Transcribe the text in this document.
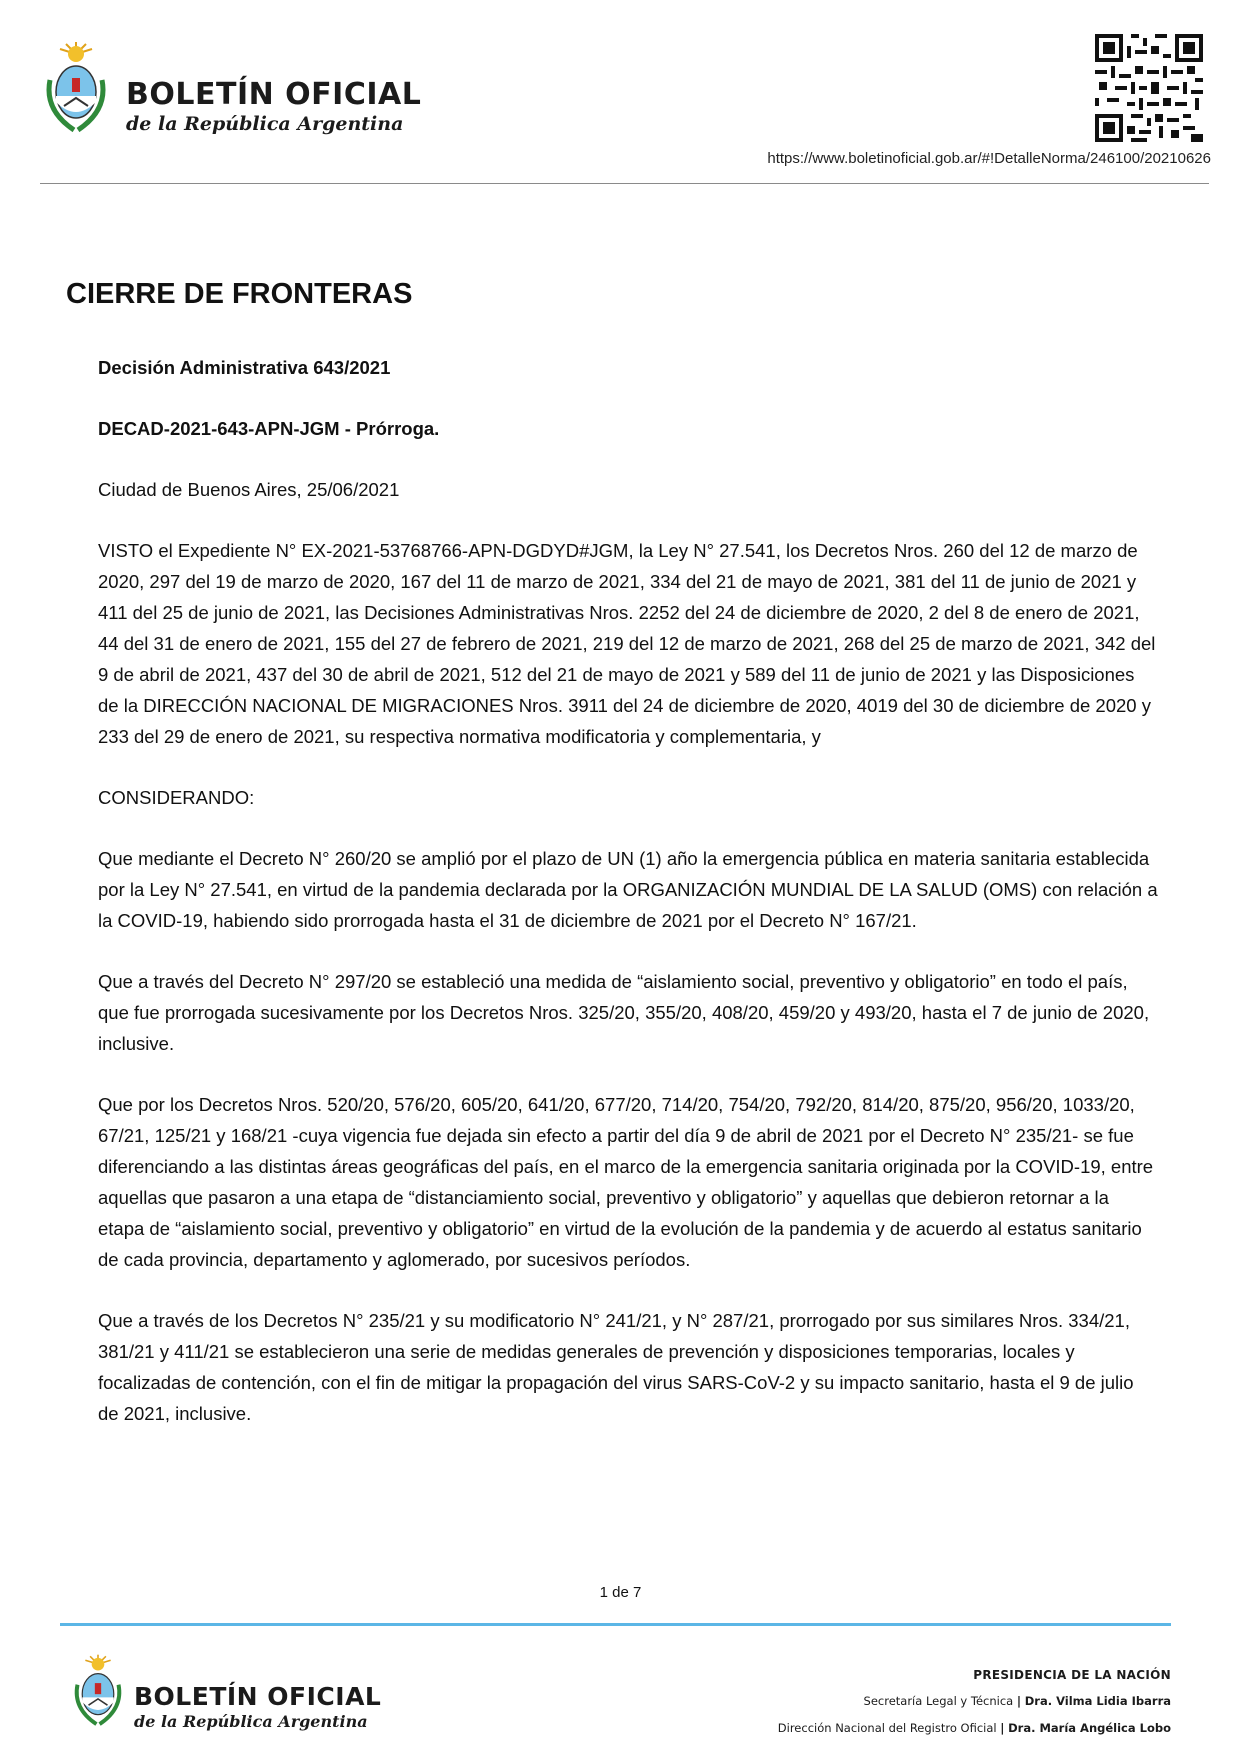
BOLETÍN OFICIAL
de la República Argentina
https://www.boletinoficial.gob.ar/#!DetalleNorma/246100/20210626
CIERRE DE FRONTERAS

Decisión Administrativa 643/2021

DECAD-2021-643-APN-JGM - Prórroga.

Ciudad de Buenos Aires, 25/06/2021

VISTO el Expediente N° EX-2021-53768766-APN-DGDYD#JGM, la Ley N° 27.541, los Decretos Nros. 260 del 12 de marzo de 2020, 297 del 19 de marzo de 2020, 167 del 11 de marzo de 2021, 334 del 21 de mayo de 2021, 381 del 11 de junio de 2021 y 411 del 25 de junio de 2021, las Decisiones Administrativas Nros. 2252 del 24 de diciembre de 2020, 2 del 8 de enero de 2021, 44 del 31 de enero de 2021, 155 del 27 de febrero de 2021, 219 del 12 de marzo de 2021, 268 del 25 de marzo de 2021, 342 del 9 de abril de 2021, 437 del 30 de abril de 2021, 512 del 21 de mayo de 2021 y 589 del 11 de junio de 2021 y las Disposiciones de la DIRECCIÓN NACIONAL DE MIGRACIONES Nros. 3911 del 24 de diciembre de 2020, 4019 del 30 de diciembre de 2020 y 233 del 29 de enero de 2021, su respectiva normativa modificatoria y complementaria, y

CONSIDERANDO:

Que mediante el Decreto N° 260/20 se amplió por el plazo de UN (1) año la emergencia pública en materia sanitaria establecida por la Ley N° 27.541, en virtud de la pandemia declarada por la ORGANIZACIÓN MUNDIAL DE LA SALUD (OMS) con relación a la COVID-19, habiendo sido prorrogada hasta el 31 de diciembre de 2021 por el Decreto N° 167/21.

Que a través del Decreto N° 297/20 se estableció una medida de “aislamiento social, preventivo y obligatorio” en todo el país, que fue prorrogada sucesivamente por los Decretos Nros. 325/20, 355/20, 408/20, 459/20 y 493/20, hasta el 7 de junio de 2020, inclusive.

Que por los Decretos Nros. 520/20, 576/20, 605/20, 641/20, 677/20, 714/20, 754/20, 792/20, 814/20, 875/20, 956/20, 1033/20, 67/21, 125/21 y 168/21 -cuya vigencia fue dejada sin efecto a partir del día 9 de abril de 2021 por el Decreto N° 235/21- se fue diferenciando a las distintas áreas geográficas del país, en el marco de la emergencia sanitaria originada por la COVID-19, entre aquellas que pasaron a una etapa de “distanciamiento social, preventivo y obligatorio” y aquellas que debieron retornar a la etapa de “aislamiento social, preventivo y obligatorio” en virtud de la evolución de la pandemia y de acuerdo al estatus sanitario de cada provincia, departamento y aglomerado, por sucesivos períodos.

Que a través de los Decretos N° 235/21 y su modificatorio N° 241/21, y N° 287/21, prorrogado por sus similares Nros. 334/21, 381/21 y 411/21 se establecieron una serie de medidas generales de prevención y disposiciones temporarias, locales y focalizadas de contención, con el fin de mitigar la propagación del virus SARS-CoV-2 y su impacto sanitario, hasta el 9 de julio de 2021, inclusive.

1 de 7
BOLETÍN OFICIAL
de la República Argentina
PRESIDENCIA DE LA NACIÓN
Secretaría Legal y Técnica | Dra. Vilma Lidia Ibarra
Dirección Nacional del Registro Oficial | Dra. María Angélica Lobo
